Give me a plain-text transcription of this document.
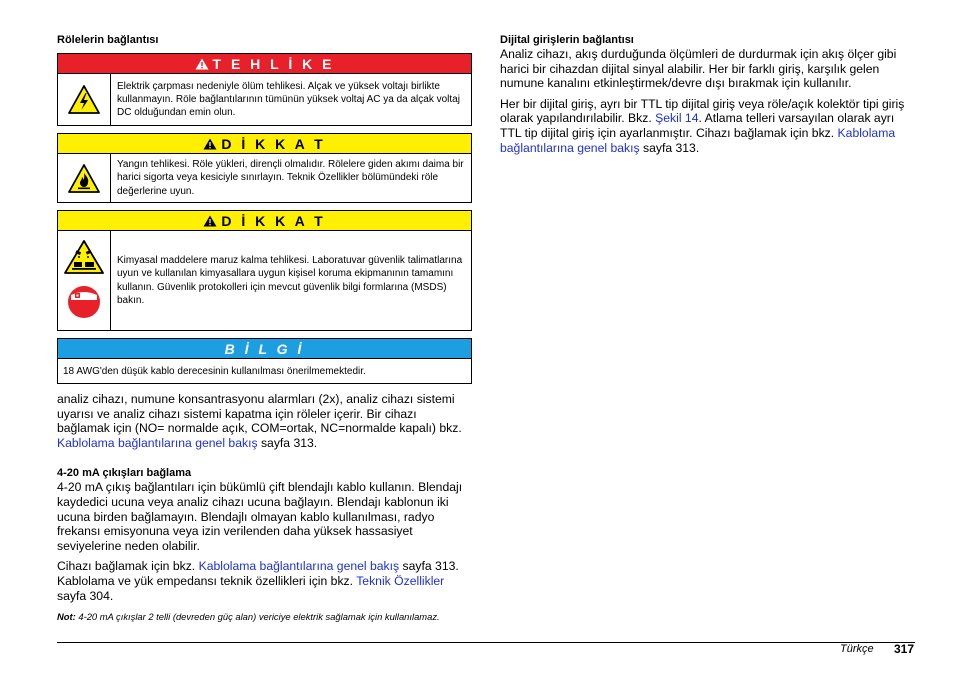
Rölelerin bağlantısı
T E H L İ K E
Elektrik çarpması nedeniyle ölüm tehlikesi. Alçak ve yüksek voltajı birlikte kullanmayın. Röle bağlantılarının tümünün yüksek voltaj AC ya da alçak voltaj DC olduğundan emin olun.
D İ K K A T
Yangın tehlikesi. Röle yükleri, dirençli olmalıdır. Rölelere giden akımı daima bir harici sigorta veya kesiciyle sınırlayın. Teknik Özellikler bölümündeki röle değerlerine uyun.
D İ K K A T
Kimyasal maddelere maruz kalma tehlikesi. Laboratuvar güvenlik talimatlarına uyun ve kullanılan kimyasallara uygun kişisel koruma ekipmanının tamamını kullanın. Güvenlik protokolleri için mevcut güvenlik bilgi formlarına (MSDS) bakın.
B İ L G İ
18 AWG'den düşük kablo derecesinin kullanılması önerilmemektedir.

analiz cihazı, numune konsantrasyonu alarmları (2x), analiz cihazı sistemi uyarısı ve analiz cihazı sistemi kapatma için röleler içerir. Bir cihazı bağlamak için (NO= normalde açık, COM=ortak, NC=normalde kapalı) bkz. Kablolama bağlantılarına genel bakış sayfa 313.

4-20 mA çıkışları bağlama

4-20 mA çıkış bağlantıları için bükümlü çift blendajlı kablo kullanın. Blendajı kaydedici ucuna veya analiz cihazı ucuna bağlayın. Blendajı kablonun iki ucuna birden bağlamayın. Blendajlı olmayan kablo kullanılması, radyo frekansı emisyonuna veya izin verilenden daha yüksek hassasiyet seviyelerine neden olabilir.

Cihazı bağlamak için bkz. Kablolama bağlantılarına genel bakış sayfa 313. Kablolama ve yük empedansı teknik özellikleri için bkz. Teknik Özellikler sayfa 304.

Not: 4-20 mA çıkışlar 2 telli (devreden güç alan) vericiye elektrik sağlamak için kullanılamaz.
Dijital girişlerin bağlantısı

Analiz cihazı, akış durduğunda ölçümleri de durdurmak için akış ölçer gibi harici bir cihazdan dijital sinyal alabilir. Her bir farklı giriş, karşılık gelen numune kanalını etkinleştirmek/devre dışı bırakmak için kullanılır.

Her bir dijital giriş, ayrı bir TTL tip dijital giriş veya röle/açık kolektör tipi giriş olarak yapılandırılabilir. Bkz. Şekil 14. Atlama telleri varsayılan olarak ayrı TTL tip dijital giriş için ayarlanmıştır. Cihazı bağlamak için bkz. Kablolama bağlantılarına genel bakış sayfa 313.

Türkçe 317
